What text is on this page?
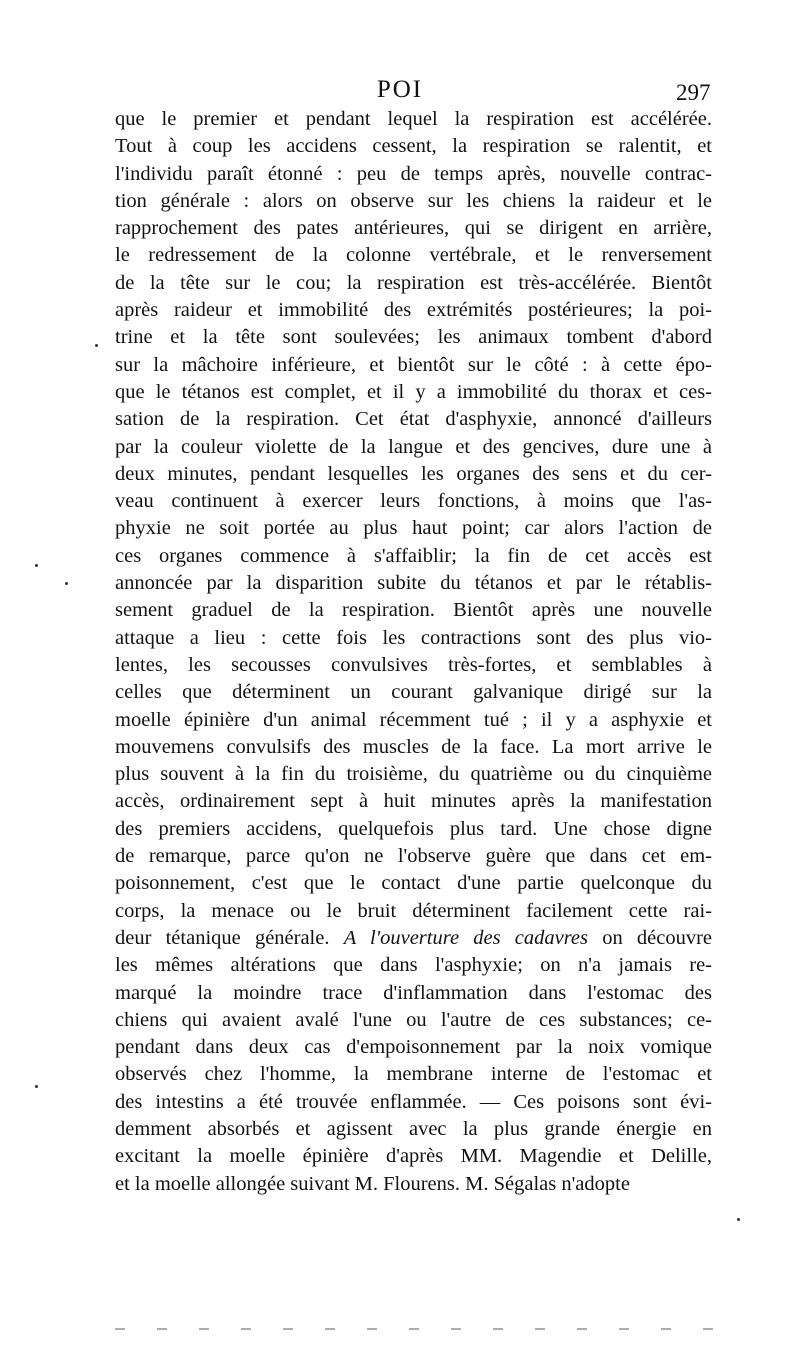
POI	297
que le premier et pendant lequel la respiration est accélérée.
Tout à coup les accidens cessent, la respiration se ralentit, et
l'individu paraît étonné : peu de temps après, nouvelle contrac-
tion générale : alors on observe sur les chiens la raideur et le
rapprochement des pates antérieures, qui se dirigent en arrière,
le redressement de la colonne vertébrale, et le renversement
de la tête sur le cou; la respiration est très-accélérée. Bientôt
après raideur et immobilité des extrémités postérieures; la poi-
trine et la tête sont soulevées; les animaux tombent d'abord
sur la mâchoire inférieure, et bientôt sur le côté : à cette épo-
que le tétanos est complet, et il y a immobilité du thorax et ces-
sation de la respiration. Cet état d'asphyxie, annoncé d'ailleurs
par la couleur violette de la langue et des gencives, dure une à
deux minutes, pendant lesquelles les organes des sens et du cer-
veau continuent à exercer leurs fonctions, à moins que l'as-
phyxie ne soit portée au plus haut point; car alors l'action de
ces organes commence à s'affaiblir; la fin de cet accès est
annoncée par la disparition subite du tétanos et par le rétablis-
sement graduel de la respiration. Bientôt après une nouvelle
attaque a lieu : cette fois les contractions sont des plus vio-
lentes, les secousses convulsives très-fortes, et semblables à
celles que déterminent un courant galvanique dirigé sur la
moelle épinière d'un animal récemment tué ; il y a asphyxie et
mouvemens convulsifs des muscles de la face. La mort arrive le
plus souvent à la fin du troisième, du quatrième ou du cinquième
accès, ordinairement sept à huit minutes après la manifestation
des premiers accidens, quelquefois plus tard. Une chose digne
de remarque, parce qu'on ne l'observe guère que dans cet em-
poisonnement, c'est que le contact d'une partie quelconque du
corps, la menace ou le bruit déterminent facilement cette rai-
deur tétanique générale. A l'ouverture des cadavres on découvre
les mêmes altérations que dans l'asphyxie; on n'a jamais re-
marqué la moindre trace d'inflammation dans l'estomac des
chiens qui avaient avalé l'une ou l'autre de ces substances; ce-
pendant dans deux cas d'empoisonnement par la noix vomique
observés chez l'homme, la membrane interne de l'estomac et
des intestins a été trouvée enflammée. — Ces poisons sont évi-
demment absorbés et agissent avec la plus grande énergie en
excitant la moelle épinière d'après MM. Magendie et Delille,
et la moelle allongée suivant M. Flourens. M. Ségalas n'adopte
